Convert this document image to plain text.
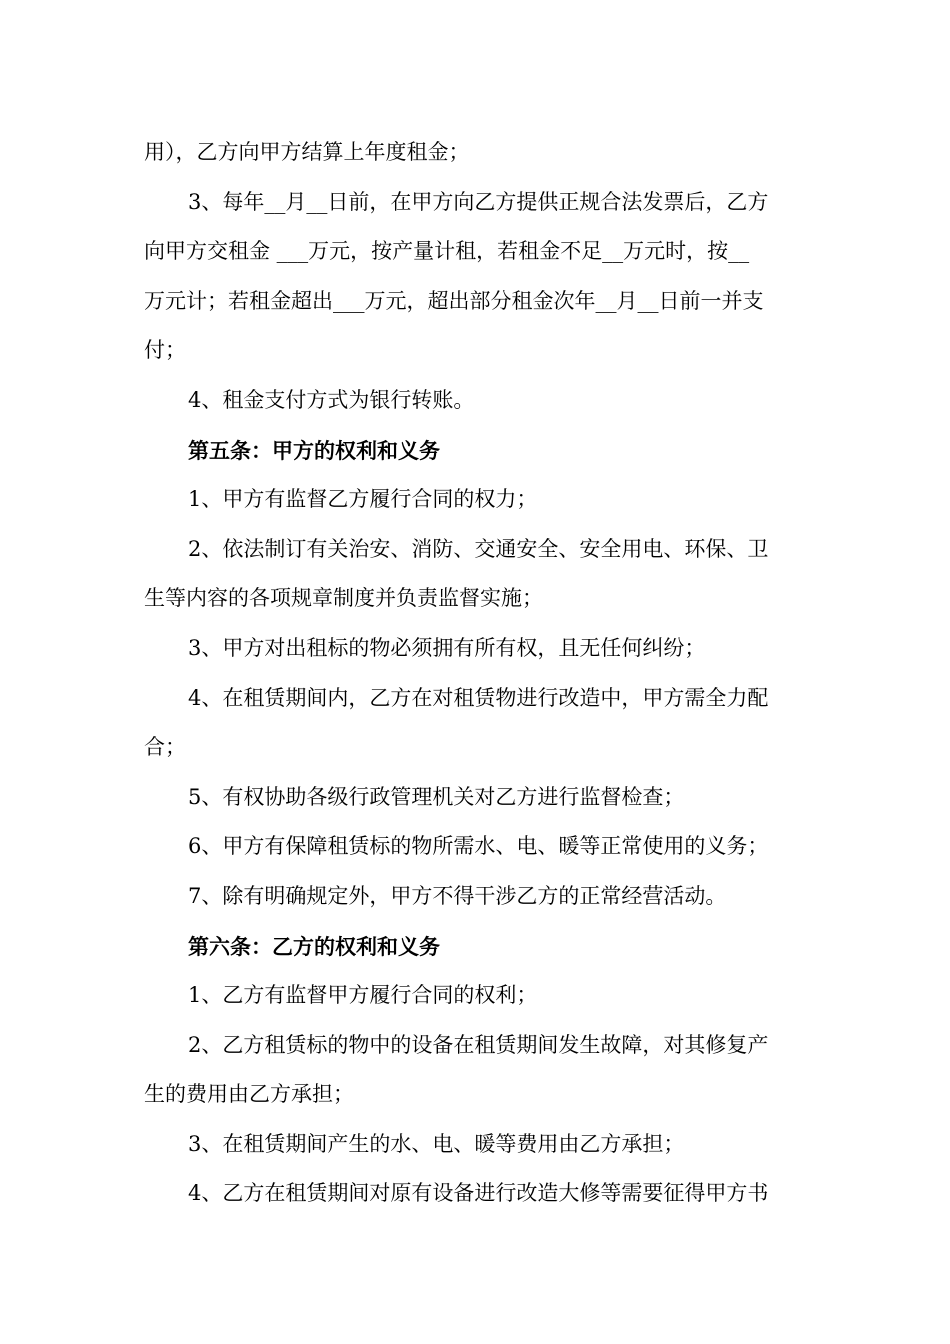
用），乙方向甲方结算上年度租金；
3、每年__月__日前，在甲方向乙方提供正规合法发票后，乙方
向甲方交租金 ___万元，按产量计租，若租金不足__万元时，按__
万元计；若租金超出___万元，超出部分租金次年__月__日前一并支
付；
4、租金支付方式为银行转账。
第五条：甲方的权利和义务
1、甲方有监督乙方履行合同的权力；
2、依法制订有关治安、消防、交通安全、安全用电、环保、卫
生等内容的各项规章制度并负责监督实施；
3、甲方对出租标的物必须拥有所有权，且无任何纠纷；
4、在租赁期间内，乙方在对租赁物进行改造中，甲方需全力配
合；
5、有权协助各级行政管理机关对乙方进行监督检查；
6、甲方有保障租赁标的物所需水、电、暖等正常使用的义务；
7、除有明确规定外，甲方不得干涉乙方的正常经营活动。
第六条：乙方的权利和义务
1、乙方有监督甲方履行合同的权利；
2、乙方租赁标的物中的设备在租赁期间发生故障，对其修复产
生的费用由乙方承担；
3、在租赁期间产生的水、电、暖等费用由乙方承担；
4、乙方在租赁期间对原有设备进行改造大修等需要征得甲方书
